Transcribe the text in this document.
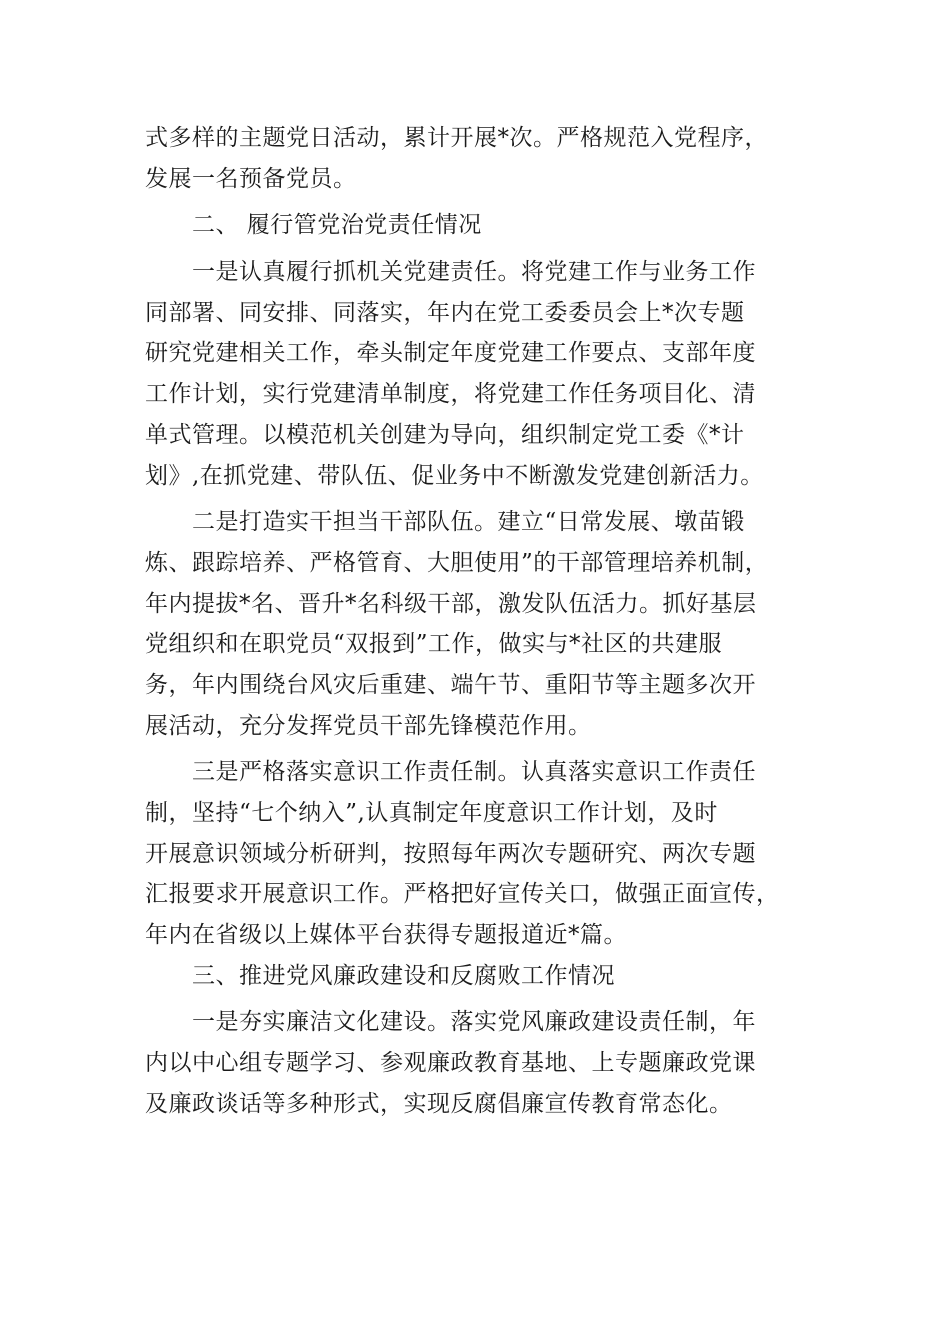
式多样的主题党日活动，累计开展*次。严格规范入党程序，
发展一名预备党员。
　　二、 履行管党治党责任情况
　　一是认真履行抓机关党建责任。将党建工作与业务工作
同部署、同安排、同落实，年内在党工委委员会上*次专题
研究党建相关工作，牵头制定年度党建工作要点、支部年度
工作计划，实行党建清单制度，将党建工作任务项目化、清
单式管理。以模范机关创建为导向，组织制定党工委《*计
划》,在抓党建、带队伍、促业务中不断激发党建创新活力。
　　二是打造实干担当干部队伍。建立“日常发展、墩苗锻
炼、跟踪培养、严格管育、大胆使用”的干部管理培养机制，
年内提拔*名、晋升*名科级干部，激发队伍活力。抓好基层
党组织和在职党员“双报到”工作，做实与*社区的共建服
务，年内围绕台风灾后重建、端午节、重阳节等主题多次开
展活动，充分发挥党员干部先锋模范作用。
　　三是严格落实意识工作责任制。认真落实意识工作责任
制，坚持“七个纳入”,认真制定年度意识工作计划，及时
开展意识领域分析研判，按照每年两次专题研究、两次专题
汇报要求开展意识工作。严格把好宣传关口，做强正面宣传，
年内在省级以上媒体平台获得专题报道近*篇。
　　三、推进党风廉政建设和反腐败工作情况
　　一是夯实廉洁文化建设。落实党风廉政建设责任制，年
内以中心组专题学习、参观廉政教育基地、上专题廉政党课
及廉政谈话等多种形式，实现反腐倡廉宣传教育常态化。
